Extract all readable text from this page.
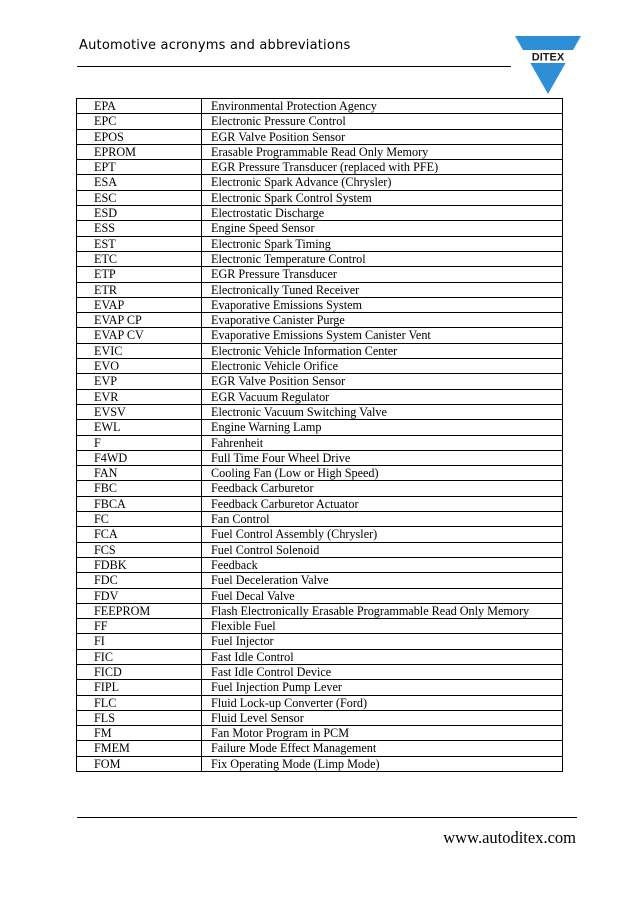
Automotive acronyms and abbreviations
DITEX
EPA	Environmental Protection Agency
EPC	Electronic Pressure Control
EPOS	EGR Valve Position Sensor
EPROM	Erasable Programmable Read Only Memory
EPT	EGR Pressure Transducer (replaced with PFE)
ESA	Electronic Spark Advance (Chrysler)
ESC	Electronic Spark Control System
ESD	Electrostatic Discharge
ESS	Engine Speed Sensor
EST	Electronic Spark Timing
ETC	Electronic Temperature Control
ETP	EGR Pressure Transducer
ETR	Electronically Tuned Receiver
EVAP	Evaporative Emissions System
EVAP CP	Evaporative Canister Purge
EVAP CV	Evaporative Emissions System Canister Vent
EVIC	Electronic Vehicle Information Center
EVO	Electronic Vehicle Orifice
EVP	EGR Valve Position Sensor
EVR	EGR Vacuum Regulator
EVSV	Electronic Vacuum Switching Valve
EWL	Engine Warning Lamp
F	Fahrenheit
F4WD	Full Time Four Wheel Drive
FAN	Cooling Fan (Low or High Speed)
FBC	Feedback Carburetor
FBCA	Feedback Carburetor Actuator
FC	Fan Control
FCA	Fuel Control Assembly (Chrysler)
FCS	Fuel Control Solenoid
FDBK	Feedback
FDC	Fuel Deceleration Valve
FDV	Fuel Decal Valve
FEEPROM	Flash Electronically Erasable Programmable Read Only Memory
FF	Flexible Fuel
FI	Fuel Injector
FIC	Fast Idle Control
FICD	Fast Idle Control Device
FIPL	Fuel Injection Pump Lever
FLC	Fluid Lock-up Converter (Ford)
FLS	Fluid Level Sensor
FM	Fan Motor Program in PCM
FMEM	Failure Mode Effect Management
FOM	Fix Operating Mode (Limp Mode)
www.autoditex.com
